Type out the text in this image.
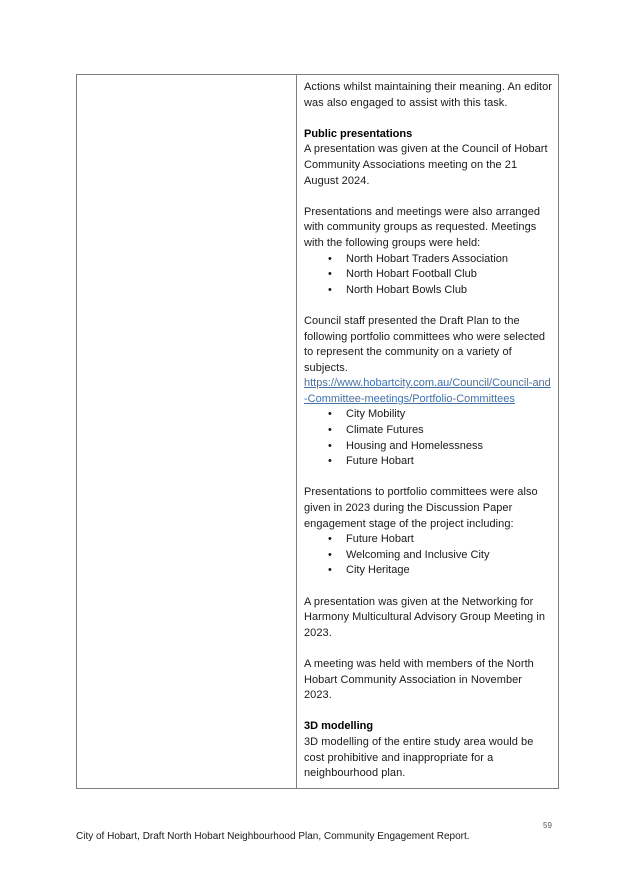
Actions whilst maintaining their meaning. An editor was also engaged to assist with this task.

Public presentations

A presentation was given at the Council of Hobart Community Associations meeting on the 21 August 2024.

Presentations and meetings were also arranged with community groups as requested. Meetings with the following groups were held:

• North Hobart Traders Association
• North Hobart Football Club
• North Hobart Bowls Club

Council staff presented the Draft Plan to the following portfolio committees who were selected to represent the community on a variety of subjects.

https://www.hobartcity.com.au/Council/Council-and-Committee-meetings/Portfolio-Committees
• City Mobility
• Climate Futures
• Housing and Homelessness
• Future Hobart

Presentations to portfolio committees were also given in 2023 during the Discussion Paper engagement stage of the project including:

• Future Hobart
• Welcoming and Inclusive City
• City Heritage

A presentation was given at the Networking for Harmony Multicultural Advisory Group Meeting in 2023.

A meeting was held with members of the North Hobart Community Association in November 2023.

3D modelling

3D modelling of the entire study area would be cost prohibitive and inappropriate for a neighbourhood plan.

59
City of Hobart, Draft North Hobart Neighbourhood Plan, Community Engagement Report.
